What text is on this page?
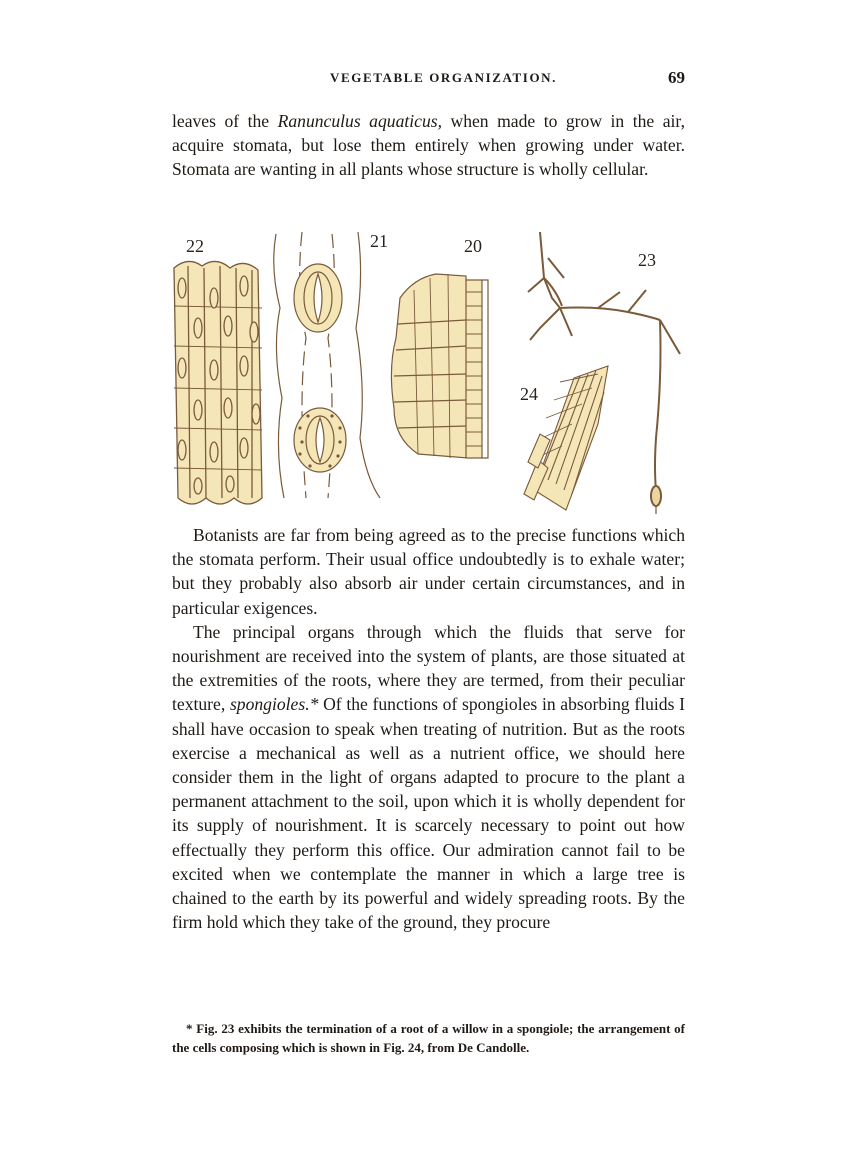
VEGETABLE ORGANIZATION.	69

leaves of the Ranunculus aquaticus, when made to grow in the air, acquire stomata, but lose them entirely when growing under water. Stomata are wanting in all plants whose structure is wholly cellular.

22	21	20
23
24

Botanists are far from being agreed as to the precise functions which the stomata perform. Their usual office undoubtedly is to exhale water; but they probably also absorb air under certain circumstances, and in particular exigences.

The principal organs through which the fluids that serve for nourishment are received into the system of plants, are those situated at the extremities of the roots, where they are termed, from their peculiar texture, spongioles.* Of the functions of spongioles in absorbing fluids I shall have occasion to speak when treating of nutrition. But as the roots exercise a mechanical as well as a nutrient office, we should here consider them in the light of organs adapted to procure to the plant a permanent attachment to the soil, upon which it is wholly dependent for its supply of nourishment. It is scarcely necessary to point out how effectually they perform this office. Our admiration cannot fail to be excited when we contemplate the manner in which a large tree is chained to the earth by its powerful and widely spreading roots. By the firm hold which they take of the ground, they procure

* Fig. 23 exhibits the termination of a root of a willow in a spongiole; the arrangement of the cells composing which is shown in Fig. 24, from De Candolle.
